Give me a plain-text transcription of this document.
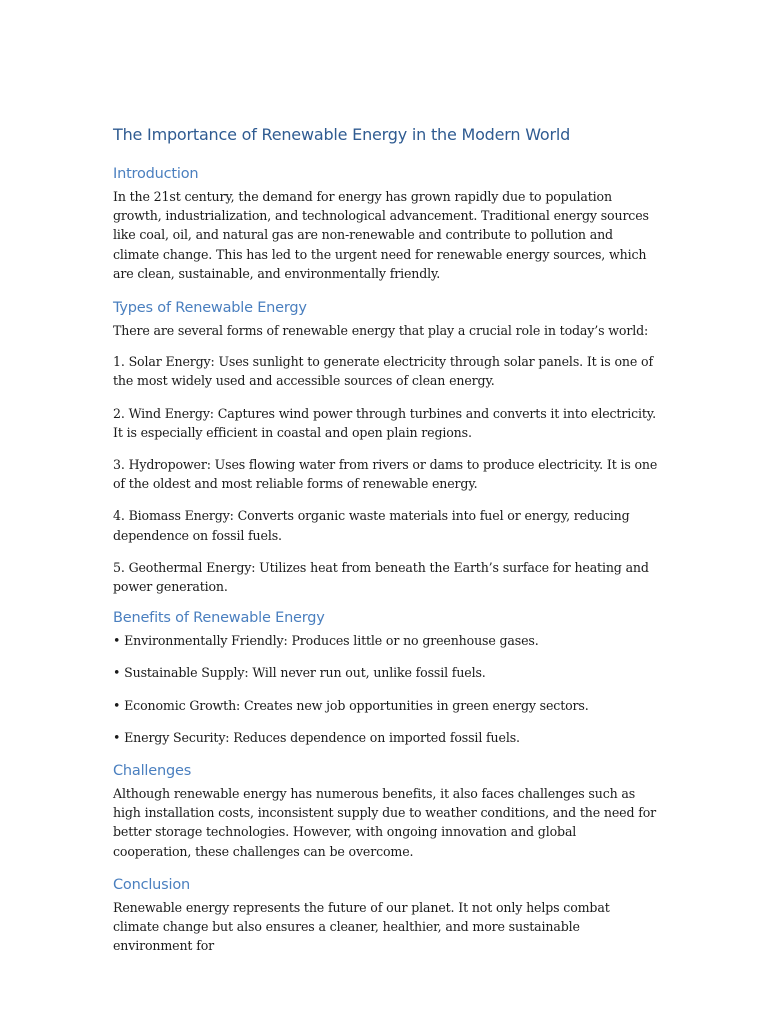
The Importance of Renewable Energy in the Modern World
Introduction

In the 21st century, the demand for energy has grown rapidly due to population growth, industrialization, and technological advancement. Traditional energy sources like coal, oil, and natural gas are non-renewable and contribute to pollution and climate change. This has led to the urgent need for renewable energy sources, which are clean, sustainable, and environmentally friendly.

Types of Renewable Energy

There are several forms of renewable energy that play a crucial role in today’s world:

1. Solar Energy: Uses sunlight to generate electricity through solar panels. It is one of the most widely used and accessible sources of clean energy.

2. Wind Energy: Captures wind power through turbines and converts it into electricity. It is especially efficient in coastal and open plain regions.

3. Hydropower: Uses flowing water from rivers or dams to produce electricity. It is one of the oldest and most reliable forms of renewable energy.

4. Biomass Energy: Converts organic waste materials into fuel or energy, reducing dependence on fossil fuels.

5. Geothermal Energy: Utilizes heat from beneath the Earth’s surface for heating and power generation.

Benefits of Renewable Energy

• Environmentally Friendly: Produces little or no greenhouse gases.

• Sustainable Supply: Will never run out, unlike fossil fuels.

• Economic Growth: Creates new job opportunities in green energy sectors.

• Energy Security: Reduces dependence on imported fossil fuels.

Challenges

Although renewable energy has numerous benefits, it also faces challenges such as high installation costs, inconsistent supply due to weather conditions, and the need for better storage technologies. However, with ongoing innovation and global cooperation, these challenges can be overcome.

Conclusion

Renewable energy represents the future of our planet. It not only helps combat climate change but also ensures a cleaner, healthier, and more sustainable environment for
